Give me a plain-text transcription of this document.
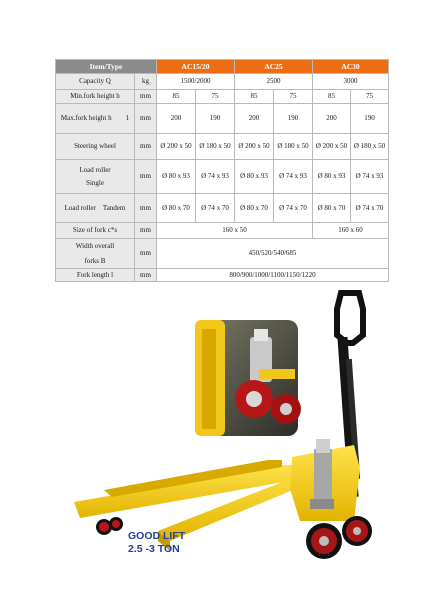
Item/Type		AC15/20		AC25		AC30	
Capacity Q	kg	1500/2000		2500		3000	
Min.fork height h	mm	85	75	85	75	85	75
Max.fork height h  1	mm	200	190	200	190	200	190
Steering wheel	mm	Ø 200 x 50	Ø 180 x 50	Ø 200 x 50	Ø 180 x 50	Ø 200 x 50	Ø 180 x 50

Load roller
Single	mm	Ø 80 x 93	Ø 74 x 93	Ø 80 x 93	Ø 74 x 93	Ø 80 x 93	Ø 74 x 93
Load roller Tandem	mm	Ø 80 x 70	Ø 74 x 70	Ø 80 x 70	Ø 74 x 70	Ø 80 x 70	Ø 74 x 70
Size of fork c*s	mm	160 x 50				160 x 60	

Width overall
forks B	mm	450/520/540/685					
Fork length l	mm	800/900/1000/1100/1150/1220					
GOOD LIFT
2.5 -3 TON
